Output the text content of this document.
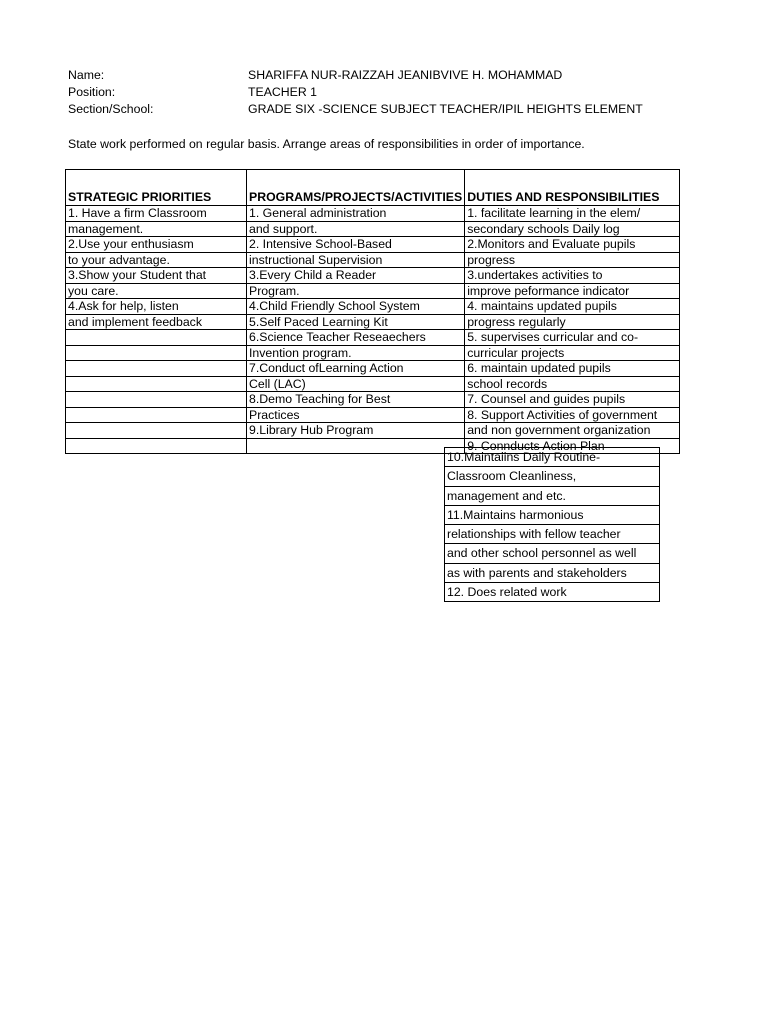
Name:	SHARIFFA NUR-RAIZZAH JEANIBVIVE H. MOHAMMAD
Position:	TEACHER 1
Section/School:	GRADE SIX -SCIENCE SUBJECT TEACHER/IPIL HEIGHTS ELEMENT
State work performed on regular basis. Arrange areas of responsibilities in order of importance.
STRATEGIC PRIORITIES	PROGRAMS/PROJECTS/ACTIVITIES	DUTIES AND RESPONSIBILITIES
1. Have a firm Classroom	1. General administration	1. facilitate learning in the elem/
management.	and support.	secondary schools Daily log
2.Use your enthusiasm	2. Intensive School-Based	2.Monitors and Evaluate pupils
to your advantage.	instructional Supervision	progress
3.Show your Student that	3.Every Child a Reader	3.undertakes activities to
you care.	Program.	improve peformance indicator
4.Ask for help, listen	4.Child Friendly School System	4. maintains updated pupils
and implement feedback	5.Self Paced Learning Kit	progress regularly
	6.Science Teacher Reseaechers	5. supervises curricular and co-
	Invention program.	curricular projects
	7.Conduct ofLearning Action	6. maintain updated pupils
	Cell (LAC)	school records
	8.Demo Teaching for Best	7. Counsel and guides pupils
	Practices	8. Support Activities of government
	9.Library Hub Program	and non government organization
		9. Connducts Action Plan
10.Maintaiins Daily Routine-
Classroom Cleanliness,
management and etc.
11.Maintains harmonious
relationships with fellow teacher
and other school personnel as well
as with parents and stakeholders
12. Does related work
